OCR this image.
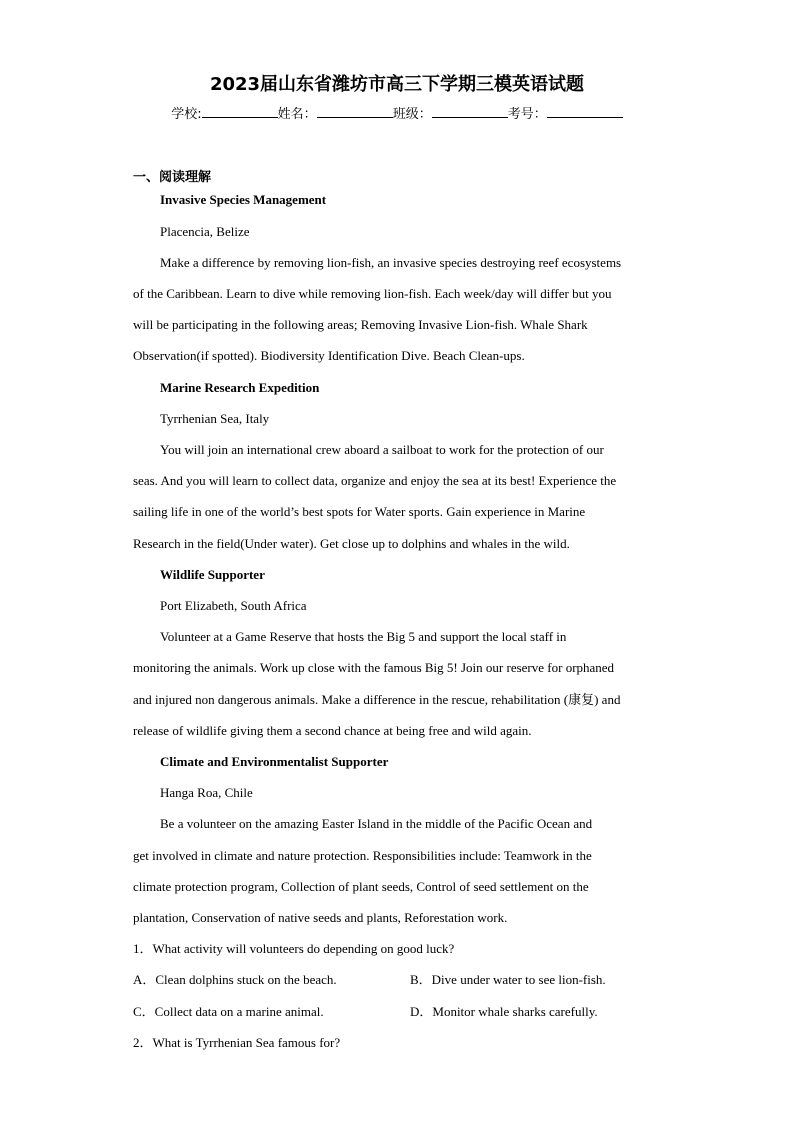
2023届山东省潍坊市高三下学期三模英语试题
学校:	姓名：	班级：	考号：
一、阅读理解
Invasive Species Management
Placencia, Belize
Make a difference by removing lion-fish, an invasive species destroying reef ecosystems
of the Caribbean. Learn to dive while removing lion-fish. Each week/day will differ but you
will be participating in the following areas; Removing Invasive Lion-fish. Whale Shark
Observation(if spotted). Biodiversity Identification Dive. Beach Clean-ups.
Marine Research Expedition
Tyrrhenian Sea, Italy
You will join an international crew aboard a sailboat to work for the protection of our
seas. And you will learn to collect data, organize and enjoy the sea at its best! Experience the
sailing life in one of the world’s best spots for Water sports. Gain experience in Marine
Research in the field(Under water). Get close up to dolphins and whales in the wild.
Wildlife Supporter
Port Elizabeth, South Africa
Volunteer at a Game Reserve that hosts the Big 5 and support the local staff in
monitoring the animals. Work up close with the famous Big 5! Join our reserve for orphaned
and injured non dangerous animals. Make a difference in the rescue, rehabilitation (康复) and
release of wildlife giving them a second chance at being free and wild again.
Climate and Environmentalist Supporter
Hanga Roa, Chile
Be a volunteer on the amazing Easter Island in the middle of the Pacific Ocean and
get involved in climate and nature protection. Responsibilities include: Teamwork in the
climate protection program, Collection of plant seeds, Control of seed settlement on the
plantation, Conservation of native seeds and plants, Reforestation work.
1．What activity will volunteers do depending on good luck?
A．Clean dolphins stuck on the beach.	B．Dive under water to see lion-fish.
C．Collect data on a marine animal.	D．Monitor whale sharks carefully.
2．What is Tyrrhenian Sea famous for?
